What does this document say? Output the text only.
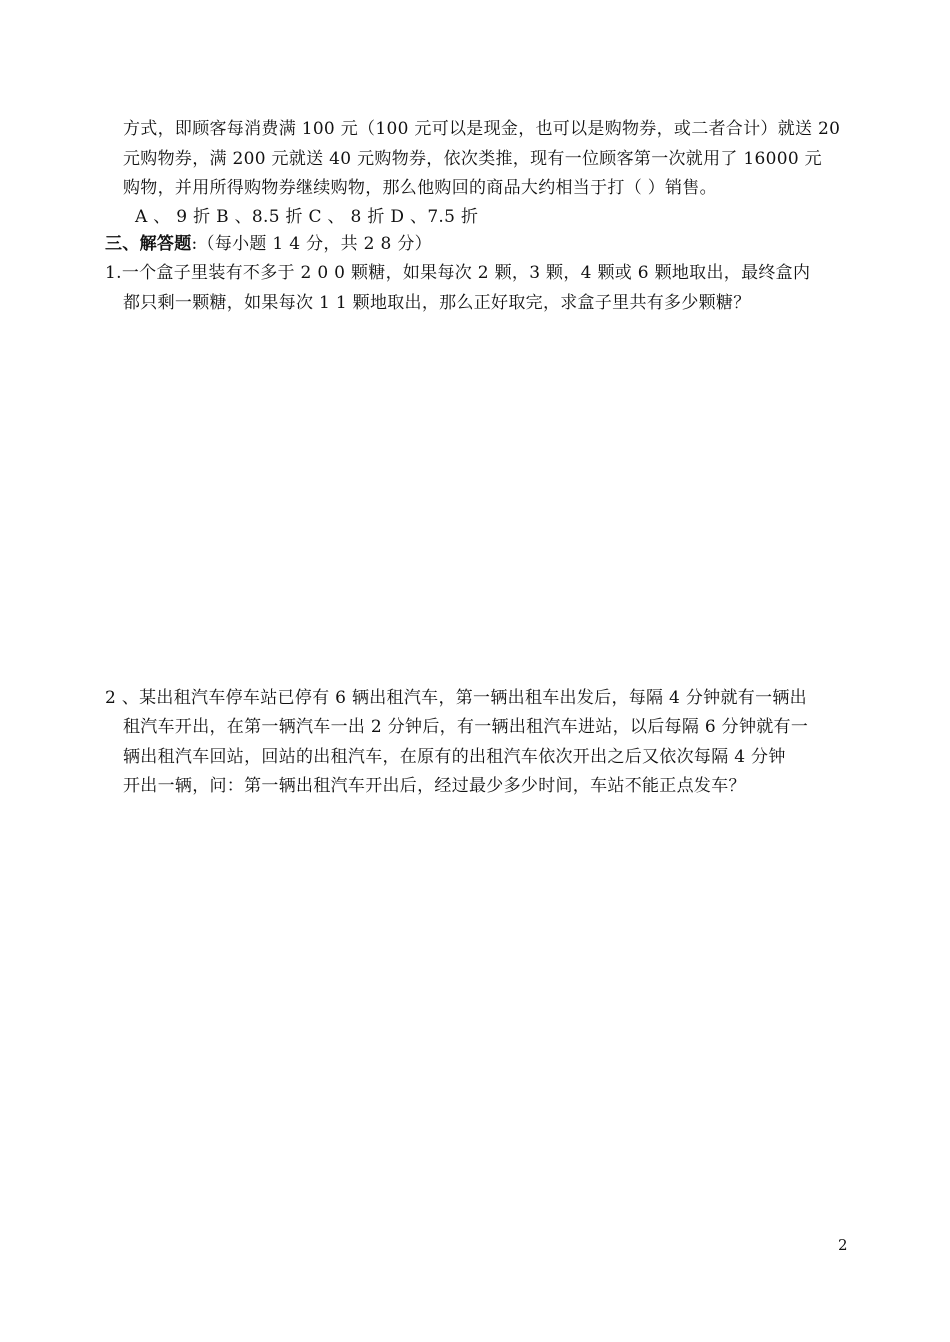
方式，即顾客每消费满 100 元（100 元可以是现金，也可以是购物券，或二者合计）就送 20
元购物券，满 200 元就送 40 元购物券，依次类推，现有一位顾客第一次就用了 16000 元
购物，并用所得购物券继续购物，那么他购回的商品大约相当于打（ ）销售。
A 、 9 折 B 、8.5 折 C 、 8 折 D 、7.5 折
三、解答题:（每小题 1 4 分，共 2 8 分）
1.一个盒子里装有不多于 2 0 0 颗糖，如果每次 2 颗，3 颗，4 颗或 6 颗地取出，最终盒内
都只剩一颗糖，如果每次 1 1 颗地取出，那么正好取完，求盒子里共有多少颗糖？
2 、某出租汽车停车站已停有 6 辆出租汽车，第一辆出租车出发后，每隔 4 分钟就有一辆出
租汽车开出，在第一辆汽车一出 2 分钟后，有一辆出租汽车进站，以后每隔 6 分钟就有一
辆出租汽车回站，回站的出租汽车，在原有的出租汽车依次开出之后又依次每隔 4 分钟
开出一辆，问：第一辆出租汽车开出后，经过最少多少时间，车站不能正点发车？
2
